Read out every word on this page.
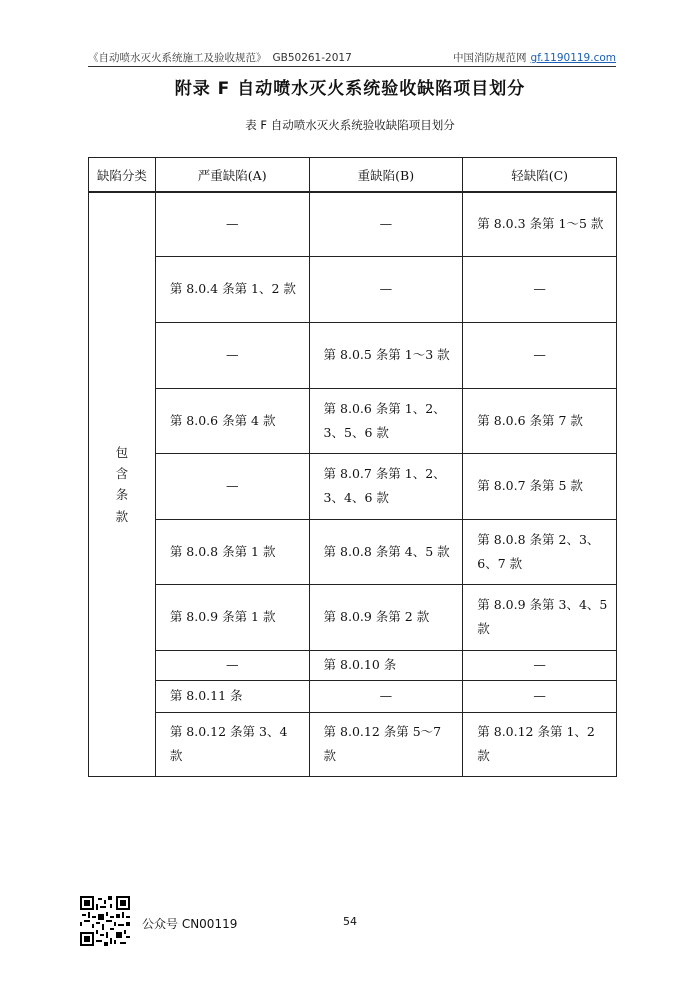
《自动喷水灭火系统施工及验收规范》 GB50261-2017	中国消防规范网 gf.1190119.com
附录 F 自动喷水灭火系统验收缺陷项目划分
表 F 自动喷水灭火系统验收缺陷项目划分
缺陷分类	严重缺陷(A)	重缺陷(B)	轻缺陷(C)

包
含
条
款	—	—	第 8.0.3 条第 1～5 款
	第 8.0.4 条第 1、2 款	—	—
	—	第 8.0.5 条第 1～3 款	—
	第 8.0.6 条第 4 款	第 8.0.6 条第 1、2、3、5、6 款	第 8.0.6 条第 7 款
	—	第 8.0.7 条第 1、2、3、4、6 款	第 8.0.7 条第 5 款
	第 8.0.8 条第 1 款	第 8.0.8 条第 4、5 款	第 8.0.8 条第 2、3、6、7 款
	第 8.0.9 条第 1 款	第 8.0.9 条第 2 款	第 8.0.9 条第 3、4、5 款
	—	第 8.0.10 条	—
	第 8.0.11 条	—	—
	第 8.0.12 条第 3、4 款	第 8.0.12 条第 5～7 款	第 8.0.12 条第 1、2 款
公众号 CN00119	54
